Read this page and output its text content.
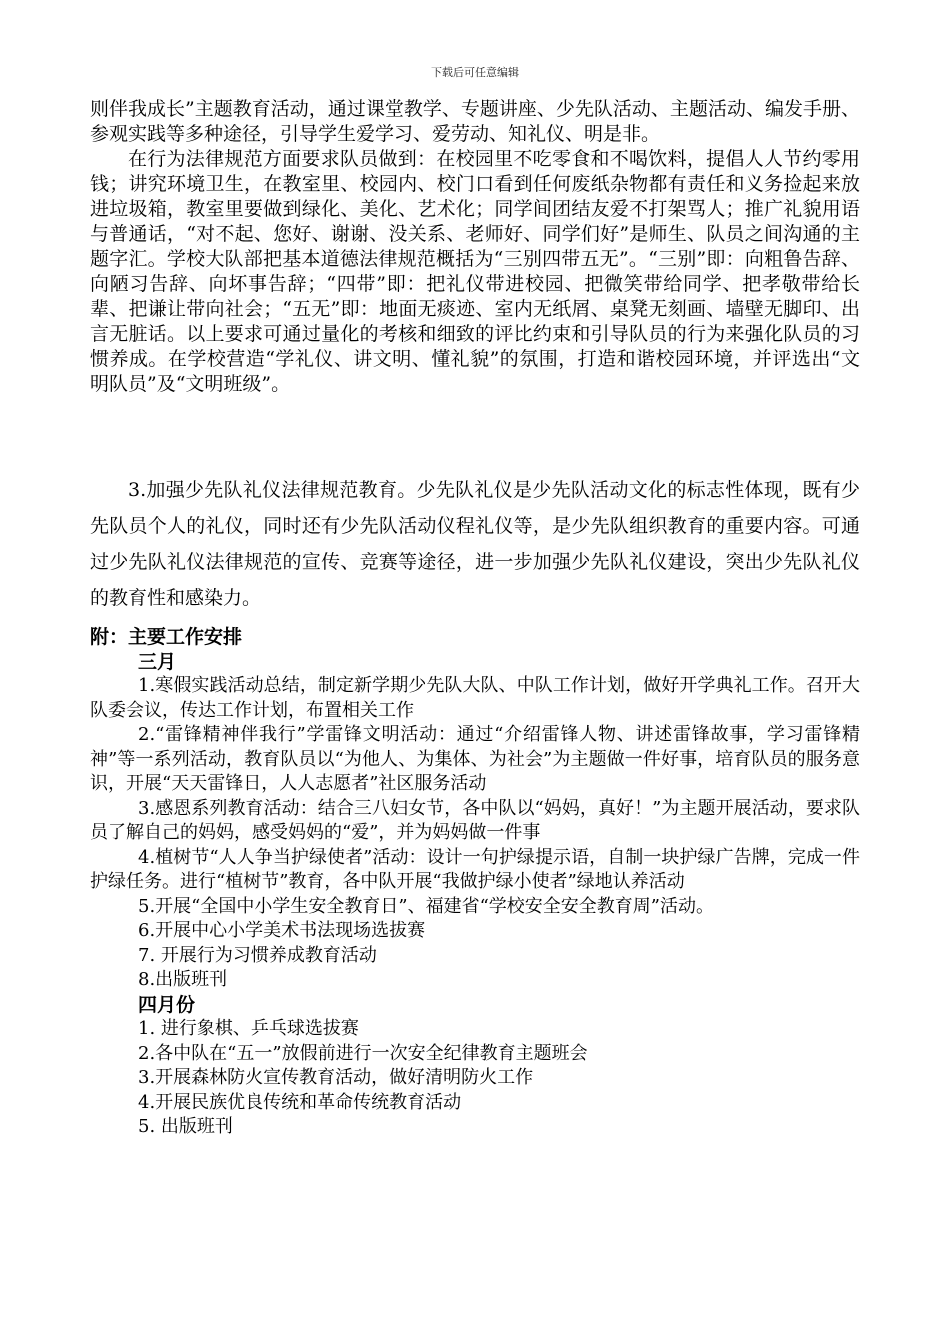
下载后可任意编辑

则伴我成长”主题教育活动，通过课堂教学、专题讲座、少先队活动、主题活动、编发手册、参观实践等多种途径，引导学生爱学习、爱劳动、知礼仪、明是非。

在行为法律规范方面要求队员做到：在校园里不吃零食和不喝饮料，提倡人人节约零用钱；讲究环境卫生，在教室里、校园内、校门口看到任何废纸杂物都有责任和义务捡起来放进垃圾箱，教室里要做到绿化、美化、艺术化；同学间团结友爱不打架骂人；推广礼貌用语与普通话，“对不起、您好、谢谢、没关系、老师好、同学们好”是师生、队员之间沟通的主题字汇。学校大队部把基本道德法律规范概括为“三别四带五无”。“三别”即：向粗鲁告辞、向陋习告辞、向坏事告辞；“四带”即：把礼仪带进校园、把微笑带给同学、把孝敬带给长辈、把谦让带向社会；“五无”即：地面无痰迹、室内无纸屑、桌凳无刻画、墙壁无脚印、出言无脏话。以上要求可通过量化的考核和细致的评比约束和引导队员的行为来强化队员的习惯养成。在学校营造“学礼仪、讲文明、懂礼貌”的氛围，打造和谐校园环境，并评选出“文明队员”及“文明班级”。

3.加强少先队礼仪法律规范教育。少先队礼仪是少先队活动文化的标志性体现，既有少先队员个人的礼仪，同时还有少先队活动仪程礼仪等，是少先队组织教育的重要内容。可通过少先队礼仪法律规范的宣传、竞赛等途径，进一步加强少先队礼仪建设，突出少先队礼仪的教育性和感染力。

附：主要工作安排

三月

1.寒假实践活动总结，制定新学期少先队大队、中队工作计划，做好开学典礼工作。召开大队委会议，传达工作计划，布置相关工作

2.“雷锋精神伴我行”学雷锋文明活动：通过“介绍雷锋人物、讲述雷锋故事，学习雷锋精神”等一系列活动，教育队员以“为他人、为集体、为社会”为主题做一件好事，培育队员的服务意识，开展“天天雷锋日，人人志愿者”社区服务活动

3.感恩系列教育活动：结合三八妇女节，各中队以“妈妈，真好！”为主题开展活动，要求队员了解自己的妈妈，感受妈妈的“爱”，并为妈妈做一件事

4.植树节“人人争当护绿使者”活动：设计一句护绿提示语，自制一块护绿广告牌，完成一件护绿任务。进行“植树节”教育，各中队开展“我做护绿小使者”绿地认养活动

5.开展“全国中小学生安全教育日”、福建省“学校安全安全教育周”活动。

6.开展中心小学美术书法现场选拔赛

7. 开展行为习惯养成教育活动

8.出版班刊

四月份

1. 进行象棋、乒乓球选拔赛

2.各中队在“五一”放假前进行一次安全纪律教育主题班会

3.开展森林防火宣传教育活动，做好清明防火工作

4.开展民族优良传统和革命传统教育活动

5. 出版班刊
